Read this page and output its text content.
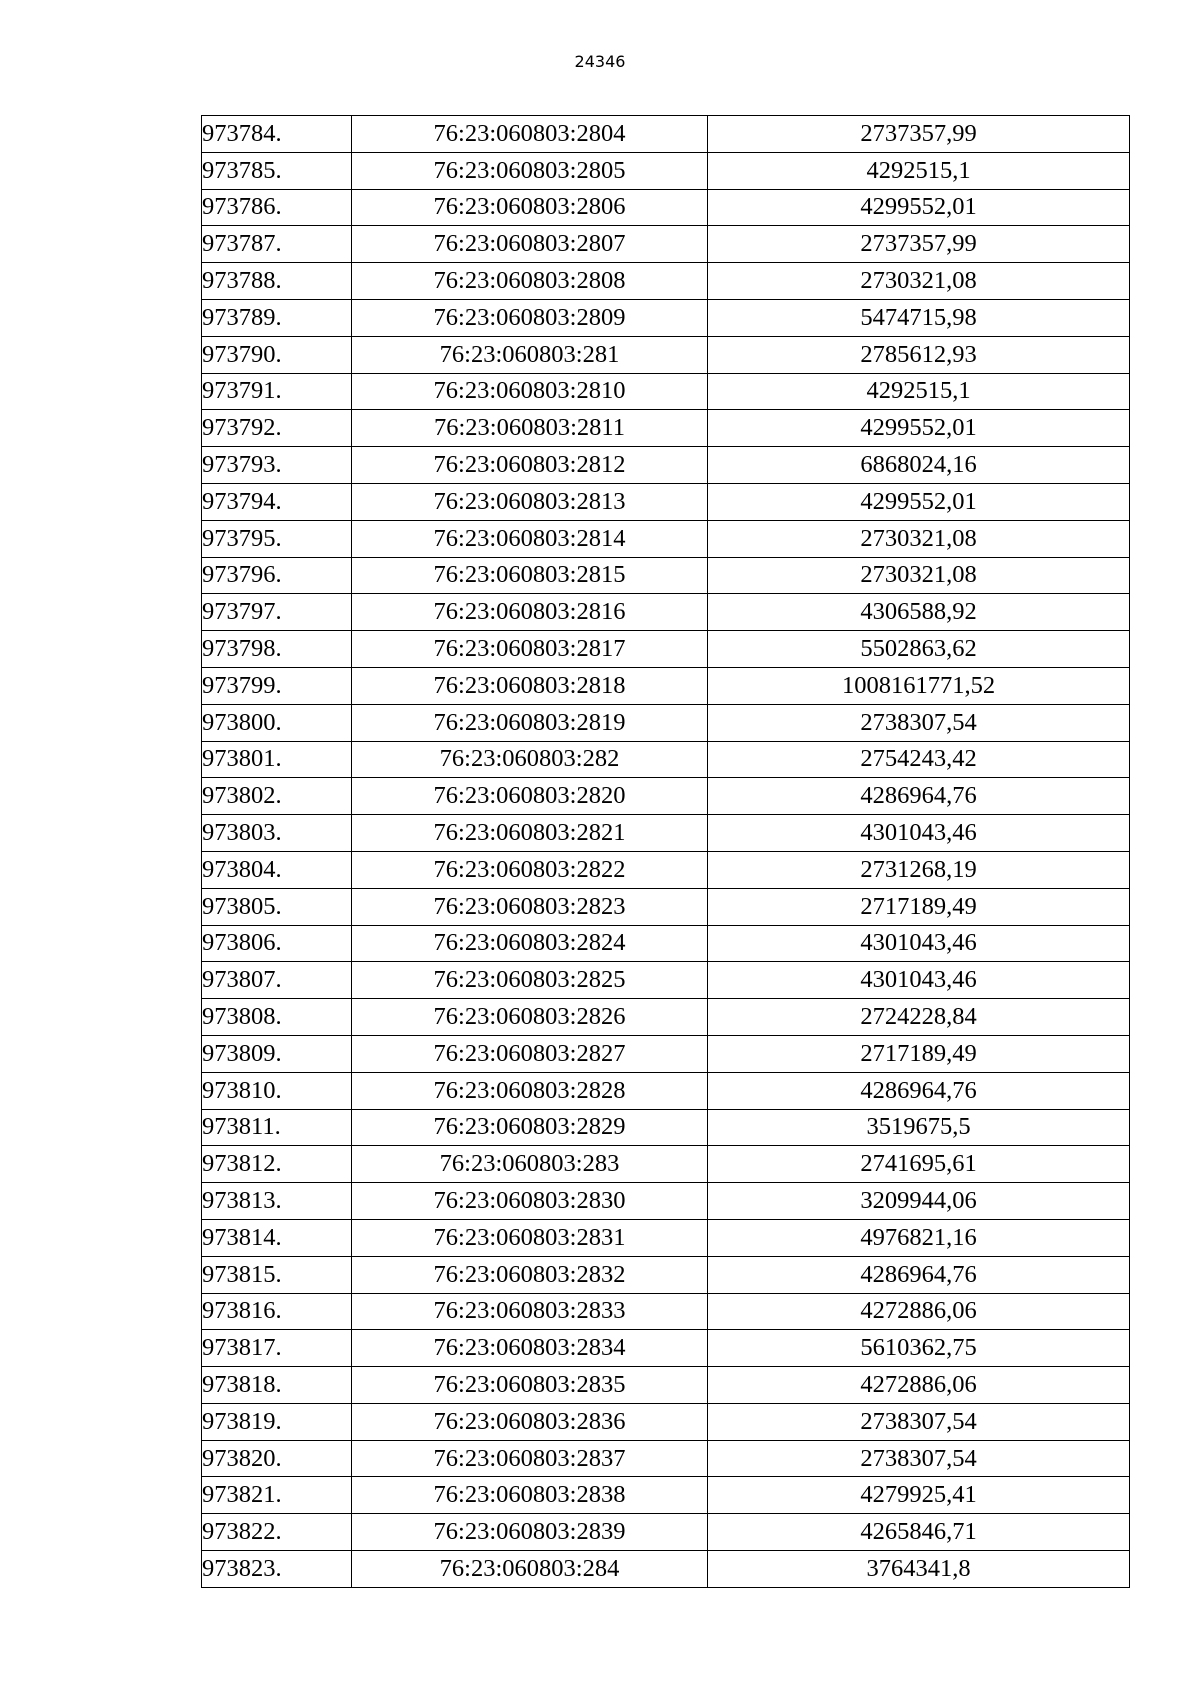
24346
973784.	76:23:060803:2804	2737357,99
973785.	76:23:060803:2805	4292515,1
973786.	76:23:060803:2806	4299552,01
973787.	76:23:060803:2807	2737357,99
973788.	76:23:060803:2808	2730321,08
973789.	76:23:060803:2809	5474715,98
973790.	76:23:060803:281	2785612,93
973791.	76:23:060803:2810	4292515,1
973792.	76:23:060803:2811	4299552,01
973793.	76:23:060803:2812	6868024,16
973794.	76:23:060803:2813	4299552,01
973795.	76:23:060803:2814	2730321,08
973796.	76:23:060803:2815	2730321,08
973797.	76:23:060803:2816	4306588,92
973798.	76:23:060803:2817	5502863,62
973799.	76:23:060803:2818	1008161771,52
973800.	76:23:060803:2819	2738307,54
973801.	76:23:060803:282	2754243,42
973802.	76:23:060803:2820	4286964,76
973803.	76:23:060803:2821	4301043,46
973804.	76:23:060803:2822	2731268,19
973805.	76:23:060803:2823	2717189,49
973806.	76:23:060803:2824	4301043,46
973807.	76:23:060803:2825	4301043,46
973808.	76:23:060803:2826	2724228,84
973809.	76:23:060803:2827	2717189,49
973810.	76:23:060803:2828	4286964,76
973811.	76:23:060803:2829	3519675,5
973812.	76:23:060803:283	2741695,61
973813.	76:23:060803:2830	3209944,06
973814.	76:23:060803:2831	4976821,16
973815.	76:23:060803:2832	4286964,76
973816.	76:23:060803:2833	4272886,06
973817.	76:23:060803:2834	5610362,75
973818.	76:23:060803:2835	4272886,06
973819.	76:23:060803:2836	2738307,54
973820.	76:23:060803:2837	2738307,54
973821.	76:23:060803:2838	4279925,41
973822.	76:23:060803:2839	4265846,71
973823.	76:23:060803:284	3764341,8
